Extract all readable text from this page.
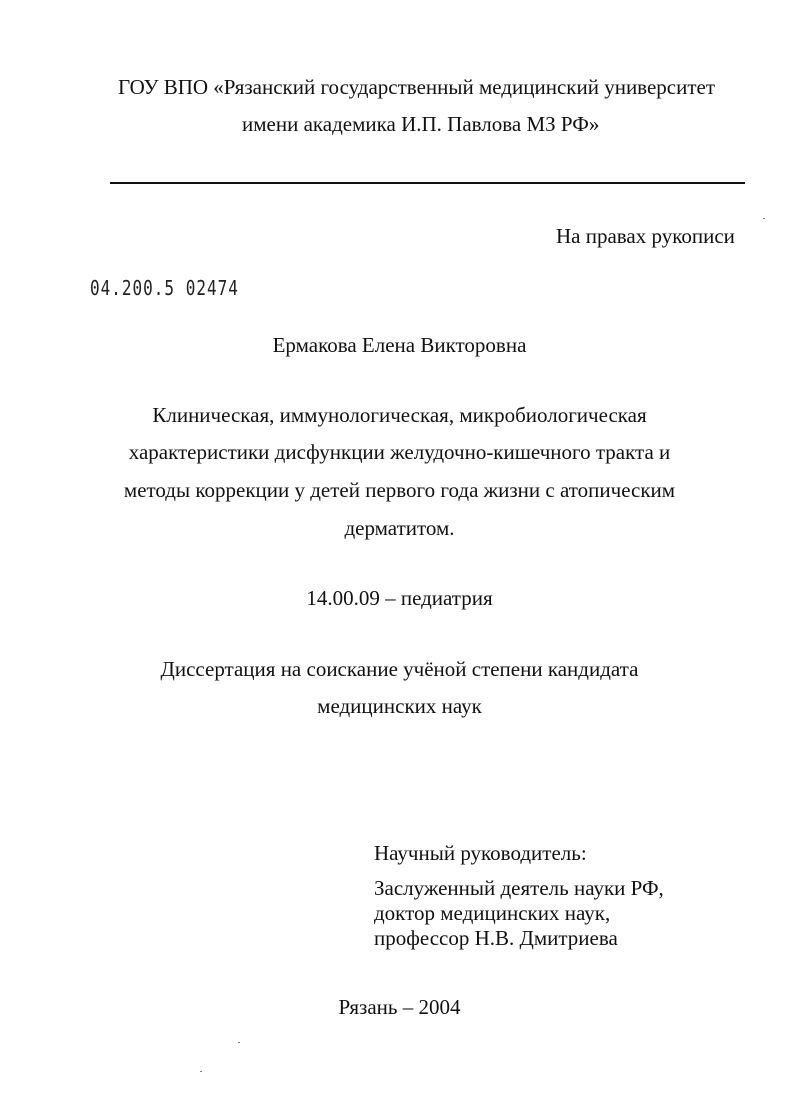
ГОУ ВПО «Рязанский государственный медицинский университет
имени академика И.П. Павлова МЗ РФ»
На правах рукописи
04.200.5 02474
Ермакова Елена Викторовна
Клиническая, иммунологическая, микробиологическая
характеристики дисфункции желудочно-кишечного тракта и
методы коррекции у детей первого года жизни с атопическим
дерматитом.
14.00.09 – педиатрия
Диссертация на соискание учёной степени кандидата
медицинских наук
Научный руководитель:
Заслуженный деятель науки РФ,
доктор медицинских наук,
профессор Н.В. Дмитриева
Рязань – 2004
